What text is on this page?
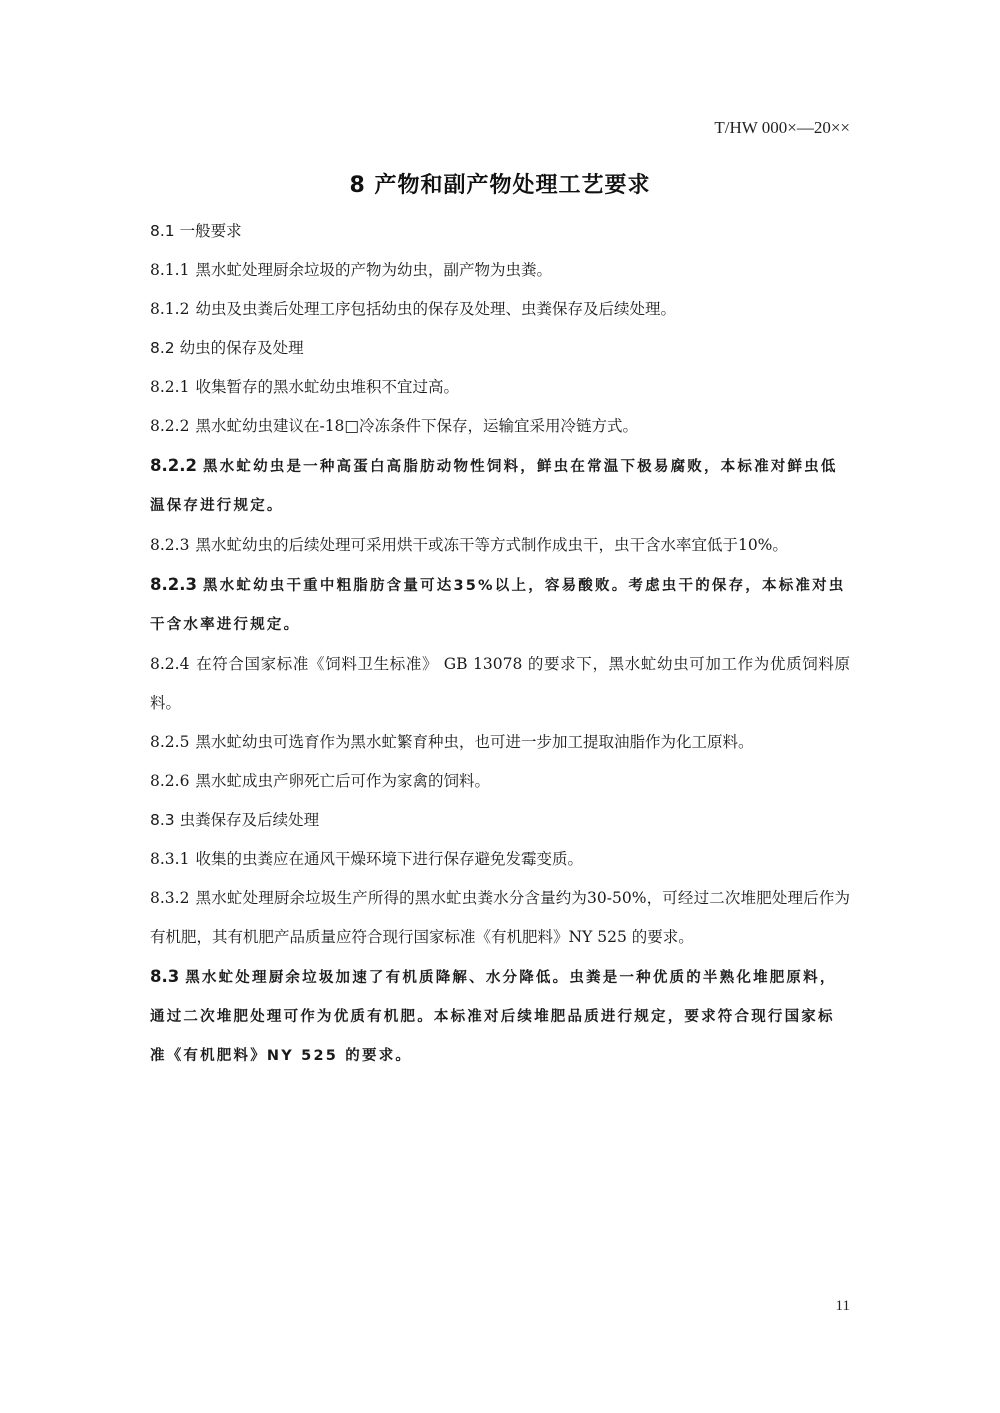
T/HW 000×—20××
8 产物和副产物处理工艺要求
8.1 一般要求
8.1.1 黑水虻处理厨余垃圾的产物为幼虫，副产物为虫粪。
8.1.2 幼虫及虫粪后处理工序包括幼虫的保存及处理、虫粪保存及后续处理。
8.2 幼虫的保存及处理
8.2.1 收集暂存的黑水虻幼虫堆积不宜过高。
8.2.2 黑水虻幼虫建议在-18□冷冻条件下保存，运输宜采用冷链方式。
8.2.2 黑水虻幼虫是一种高蛋白高脂肪动物性饲料，鲜虫在常温下极易腐败，本标准对鲜虫低温保存进行规定。
8.2.3 黑水虻幼虫的后续处理可采用烘干或冻干等方式制作成虫干，虫干含水率宜低于10%。
8.2.3 黑水虻幼虫干重中粗脂肪含量可达35%以上，容易酸败。考虑虫干的保存，本标准对虫干含水率进行规定。
8.2.4 在符合国家标准《饲料卫生标准》 GB 13078 的要求下，黑水虻幼虫可加工作为优质饲料原料。
8.2.5 黑水虻幼虫可选育作为黑水虻繁育种虫，也可进一步加工提取油脂作为化工原料。
8.2.6 黑水虻成虫产卵死亡后可作为家禽的饲料。
8.3 虫粪保存及后续处理
8.3.1 收集的虫粪应在通风干燥环境下进行保存避免发霉变质。
8.3.2 黑水虻处理厨余垃圾生产所得的黑水虻虫粪水分含量约为30-50%，可经过二次堆肥处理后作为有机肥，其有机肥产品质量应符合现行国家标准《有机肥料》NY 525 的要求。
8.3 黑水虻处理厨余垃圾加速了有机质降解、水分降低。虫粪是一种优质的半熟化堆肥原料，通过二次堆肥处理可作为优质有机肥。本标准对后续堆肥品质进行规定，要求符合现行国家标准《有机肥料》NY 525 的要求。
11
